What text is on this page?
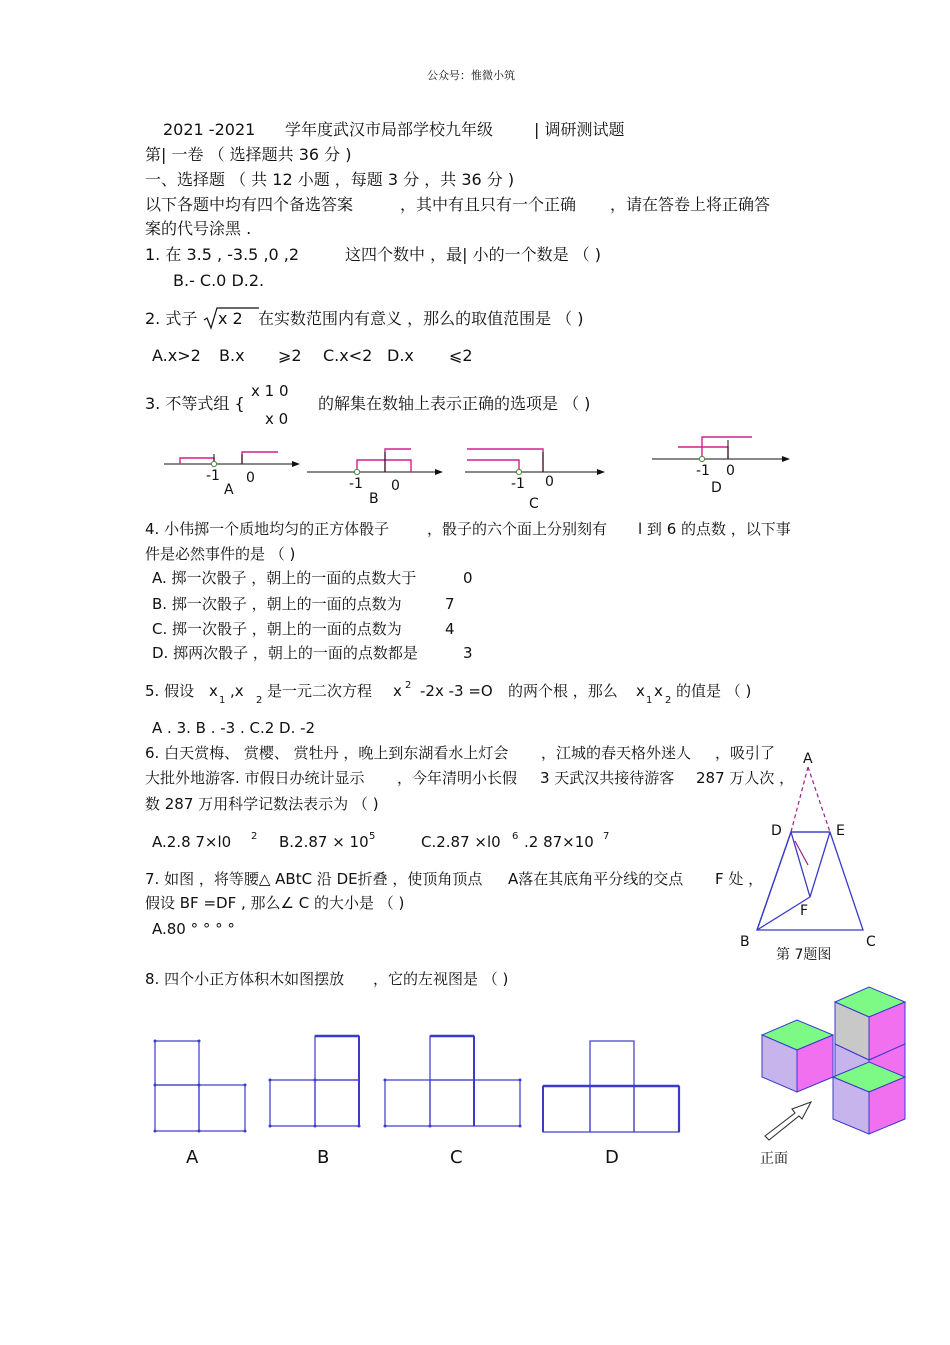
公众号：惟微小筑
2021 -2021 学年度武汉市局部学校九年级	| 调研测试题
第| 一卷 （ 选择题共 36 分 )
一、选择题 （ 共 12 小题 ，每题 3 分 ，共 36 分 )
以下各题中均有四个备选答案	，其中有且只有一个正确 ，请在答卷上将正确答
案的代号涂黑 .
1. 在 3.5 , -3.5 ,0 ,2	这四个数中 ，最| 小的一个数是 （ )
B.- C.0 D.2.
2. 式子 x 2 在实数范围内有意义 ，那么的取值范围是 （ )
A.x>2 B.x ⩾2 C.x<2 D.x ⩽2
3. 不等式组 {
x 1 0
x 0
的解集在数轴上表示正确的选项是 （ )
-1 0
A	-1 0
B
-1 0
C
-1 0
D
4. 小伟掷一个质地均匀的正方体骰子	，骰子的六个面上分别刻有 l 到 6 的点数 ，以下事
件是必然事件的是 （ )
A. 掷一次骰子 ，朝上的一面的点数大于	0
B. 掷一次骰子 ，朝上的一面的点数为	7
C. 掷一次骰子 ，朝上的一面的点数为	4
D. 掷两次骰子 ，朝上的一面的点数都是	3
5. 假设 x
1
,x
2
是一元二次方程 x 2 -2x -3 =O 的两个根 ，那么 x
1
x
2
的值是 （ )
A . 3. B . -3 . C.2 D. -2
6. 白天赏梅、 赏樱、 赏牡丹 ，晚上到东湖看水上灯会 ，江城的春天格外迷人 ，吸引了
大批外地游客. 市假日办统计显示 ，今年清明小长假 3 天武汉共接待游客 287 万人次 ，
数 287 万用科学记数法表示为 （ )
A.2.8 7×l0 2 B.2.87 × 10 5	C.2.87 ×l0 6 .2 87×10 7
7. 如图 ，将等腰△ ABtC 沿 DE折叠 ，使顶角顶点 A落在其底角平分线的交点 F 处 ，
假设 BF =DF , 那么∠ C 的大小是 （ )
A.80 ° ° ° °
A
D	E
F
B	C
第 7题图
8. 四个小正方体积木如图摆放 ，它的左视图是 （ )
A	B	C	D	正面
